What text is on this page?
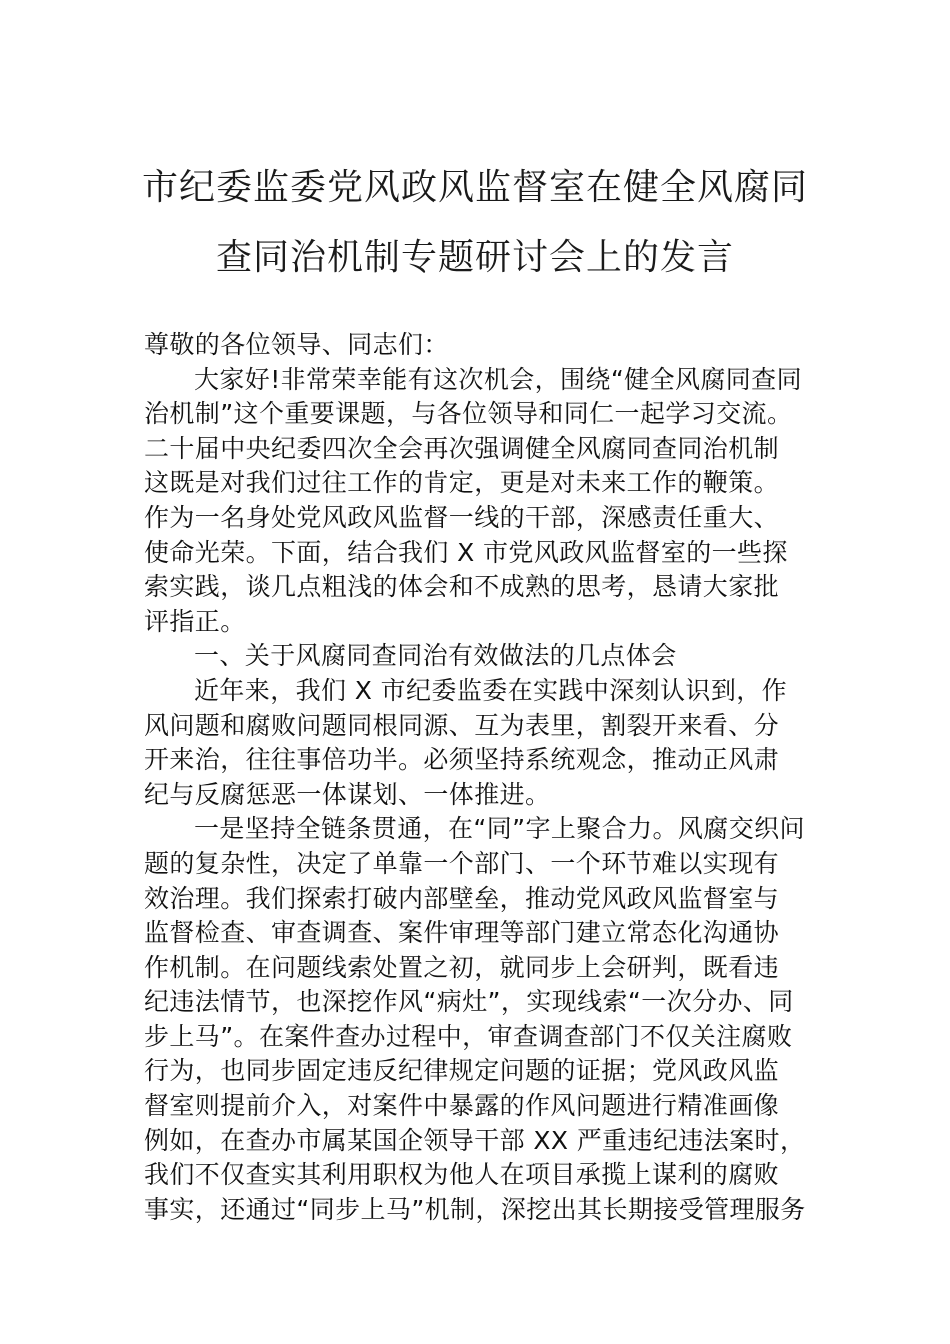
市纪委监委党风政风监督室在健全风腐同
查同治机制专题研讨会上的发言
尊敬的各位领导、同志们：
大家好!非常荣幸能有这次机会，围绕“健全风腐同查同
治机制”这个重要课题，与各位领导和同仁一起学习交流。
二十届中央纪委四次全会再次强调健全风腐同查同治机制
这既是对我们过往工作的肯定，更是对未来工作的鞭策。
作为一名身处党风政风监督一线的干部，深感责任重大、
使命光荣。下面，结合我们 X 市党风政风监督室的一些探
索实践，谈几点粗浅的体会和不成熟的思考，恳请大家批
评指正。
一、关于风腐同查同治有效做法的几点体会
近年来，我们 X 市纪委监委在实践中深刻认识到，作
风问题和腐败问题同根同源、互为表里，割裂开来看、分
开来治，往往事倍功半。必须坚持系统观念，推动正风肃
纪与反腐惩恶一体谋划、一体推进。
一是坚持全链条贯通，在“同”字上聚合力。风腐交织问
题的复杂性，决定了单靠一个部门、一个环节难以实现有
效治理。我们探索打破内部壁垒，推动党风政风监督室与
监督检查、审查调查、案件审理等部门建立常态化沟通协
作机制。在问题线索处置之初，就同步上会研判，既看违
纪违法情节，也深挖作风“病灶”，实现线索“一次分办、同
步上马”。在案件查办过程中，审查调查部门不仅关注腐败
行为，也同步固定违反纪律规定问题的证据；党风政风监
督室则提前介入，对案件中暴露的作风问题进行精准画像
例如，在查办市属某国企领导干部 XX 严重违纪违法案时，
我们不仅查实其利用职权为他人在项目承揽上谋利的腐败
事实，还通过“同步上马”机制，深挖出其长期接受管理服务
